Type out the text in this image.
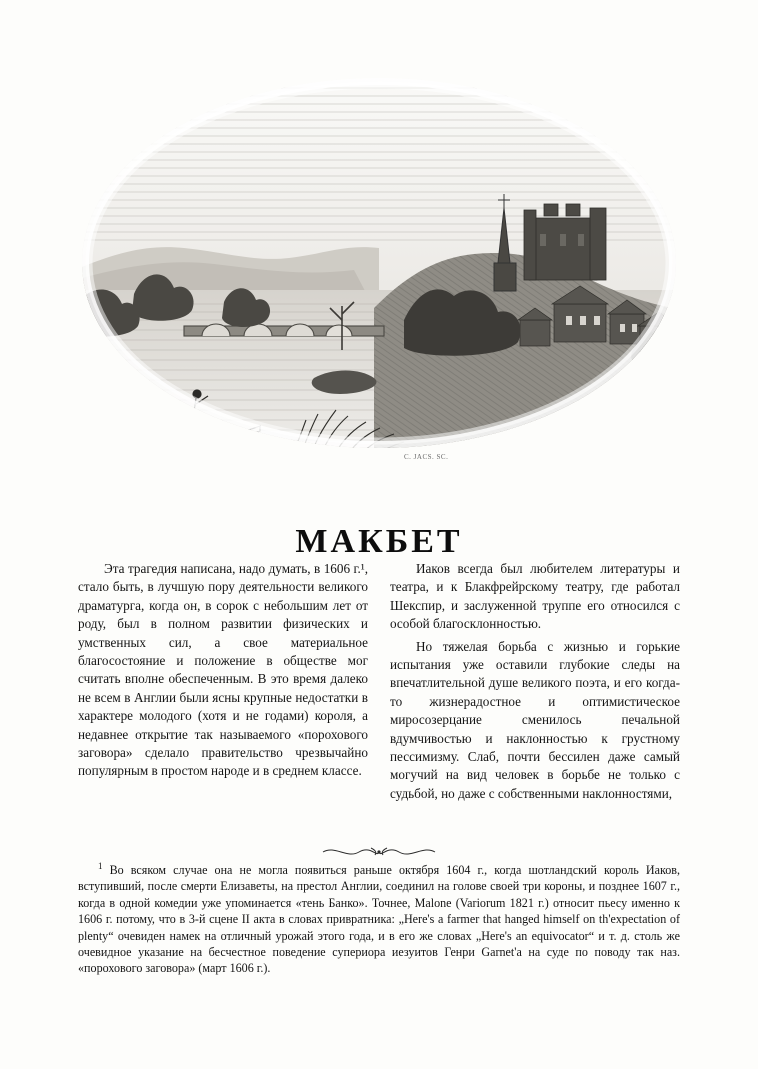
C. JACS. SC.
МАКБЕТ

Эта трагедия написана, надо думать, в 1606 г.¹, стало быть, в лучшую пору деятельности великого драматурга, когда он, в сорок с небольшим лет от роду, был в полном развитии физических и умственных сил, а свое материальное благосостояние и положение в обществе мог считать вполне обеспеченным. В это время далеко не всем в Англии были ясны крупные недостатки в характере молодого (хотя и не годами) короля, а недавнее открытие так называемого «порохового заговора» сделало правительство чрезвычайно популярным в простом народе и в среднем классе.

Иаков всегда был любителем литературы и театра, и к Блакфрейрскому театру, где работал Шекспир, и заслуженной труппе его относился с особой благосклонностью.

Но тяжелая борьба с жизнью и горькие испытания уже оставили глубокие следы на впечатлительной душе великого поэта, и его когда-то жизнерадостное и оптимистическое миросозерцание сменилось печальной вдумчивостью и наклонностью к грустному пессимизму. Слаб, почти бессилен даже самый могучий на вид человек в борьбе не только с судьбой, но даже с собственными наклонностями,

$^1$ Во всяком случае она не могла появиться раньше октября 1604 г., когда шотландский король Иаков, вступивший, после смерти Елизаветы, на престол Англии, соединил на голове своей три короны, и позднее 1607 г., когда в одной комедии уже упоминается «тень Банко». Точнее, Malone (Variorum 1821 г.) относит пьесу именно к 1606 г. потому, что в 3-й сцене II акта в словах привратника: „Here's a farmer that hanged himself on th'expectation of plenty“ очевиден намек на отличный урожай этого года, и в его же словах „Here's an equivocator“ и т. д. столь же очевидное указание на бесчестное поведение супериора иезуитов Генри Garnet'a на суде по поводу так наз. «порохового заговора» (март 1606 г.).
